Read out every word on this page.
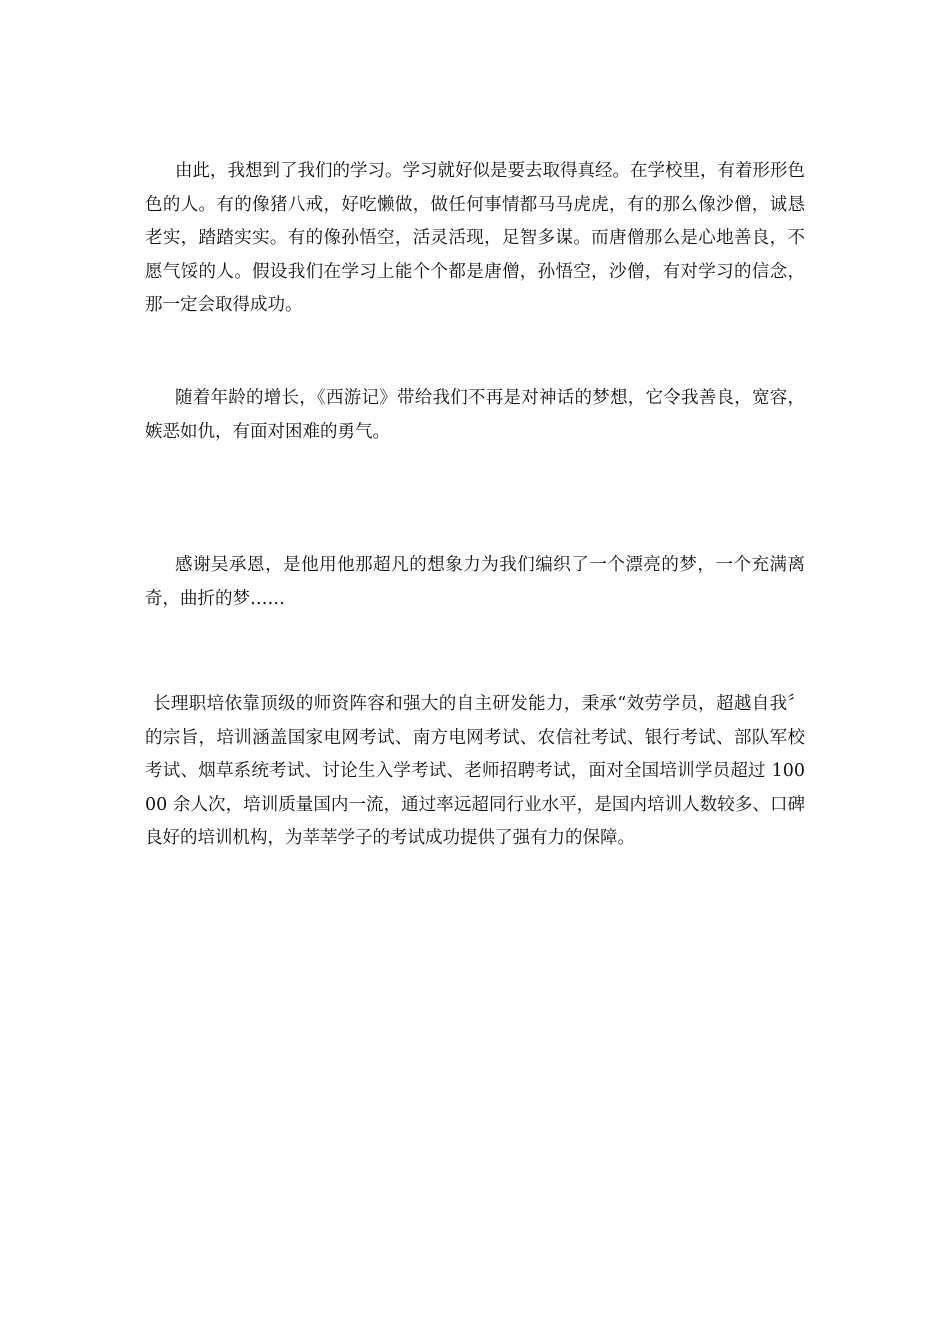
由此，我想到了我们的学习。学习就好似是要去取得真经。在学校里，有着形形色色的人。有的像猪八戒，好吃懒做，做任何事情都马马虎虎，有的那么像沙僧，诚恳老实，踏踏实实。有的像孙悟空，活灵活现，足智多谋。而唐僧那么是心地善良，不愿气馁的人。假设我们在学习上能个个都是唐僧，孙悟空，沙僧，有对学习的信念，那一定会取得成功。

随着年龄的增长，《西游记》带给我们不再是对神话的梦想，它令我善良，宽容，嫉恶如仇，有面对困难的勇气。

感谢吴承恩，是他用他那超凡的想象力为我们编织了一个漂亮的梦，一个充满离奇，曲折的梦……

长理职培依靠顶级的师资阵容和强大的自主研发能力，秉承“效劳学员，超越自我〞的宗旨，培训涵盖国家电网考试、南方电网考试、农信社考试、银行考试、部队军校考试、烟草系统考试、讨论生入学考试、老师招聘考试，面对全国培训学员超过 10000 余人次，培训质量国内一流，通过率远超同行业水平，是国内培训人数较多、口碑良好的培训机构，为莘莘学子的考试成功提供了强有力的保障。
